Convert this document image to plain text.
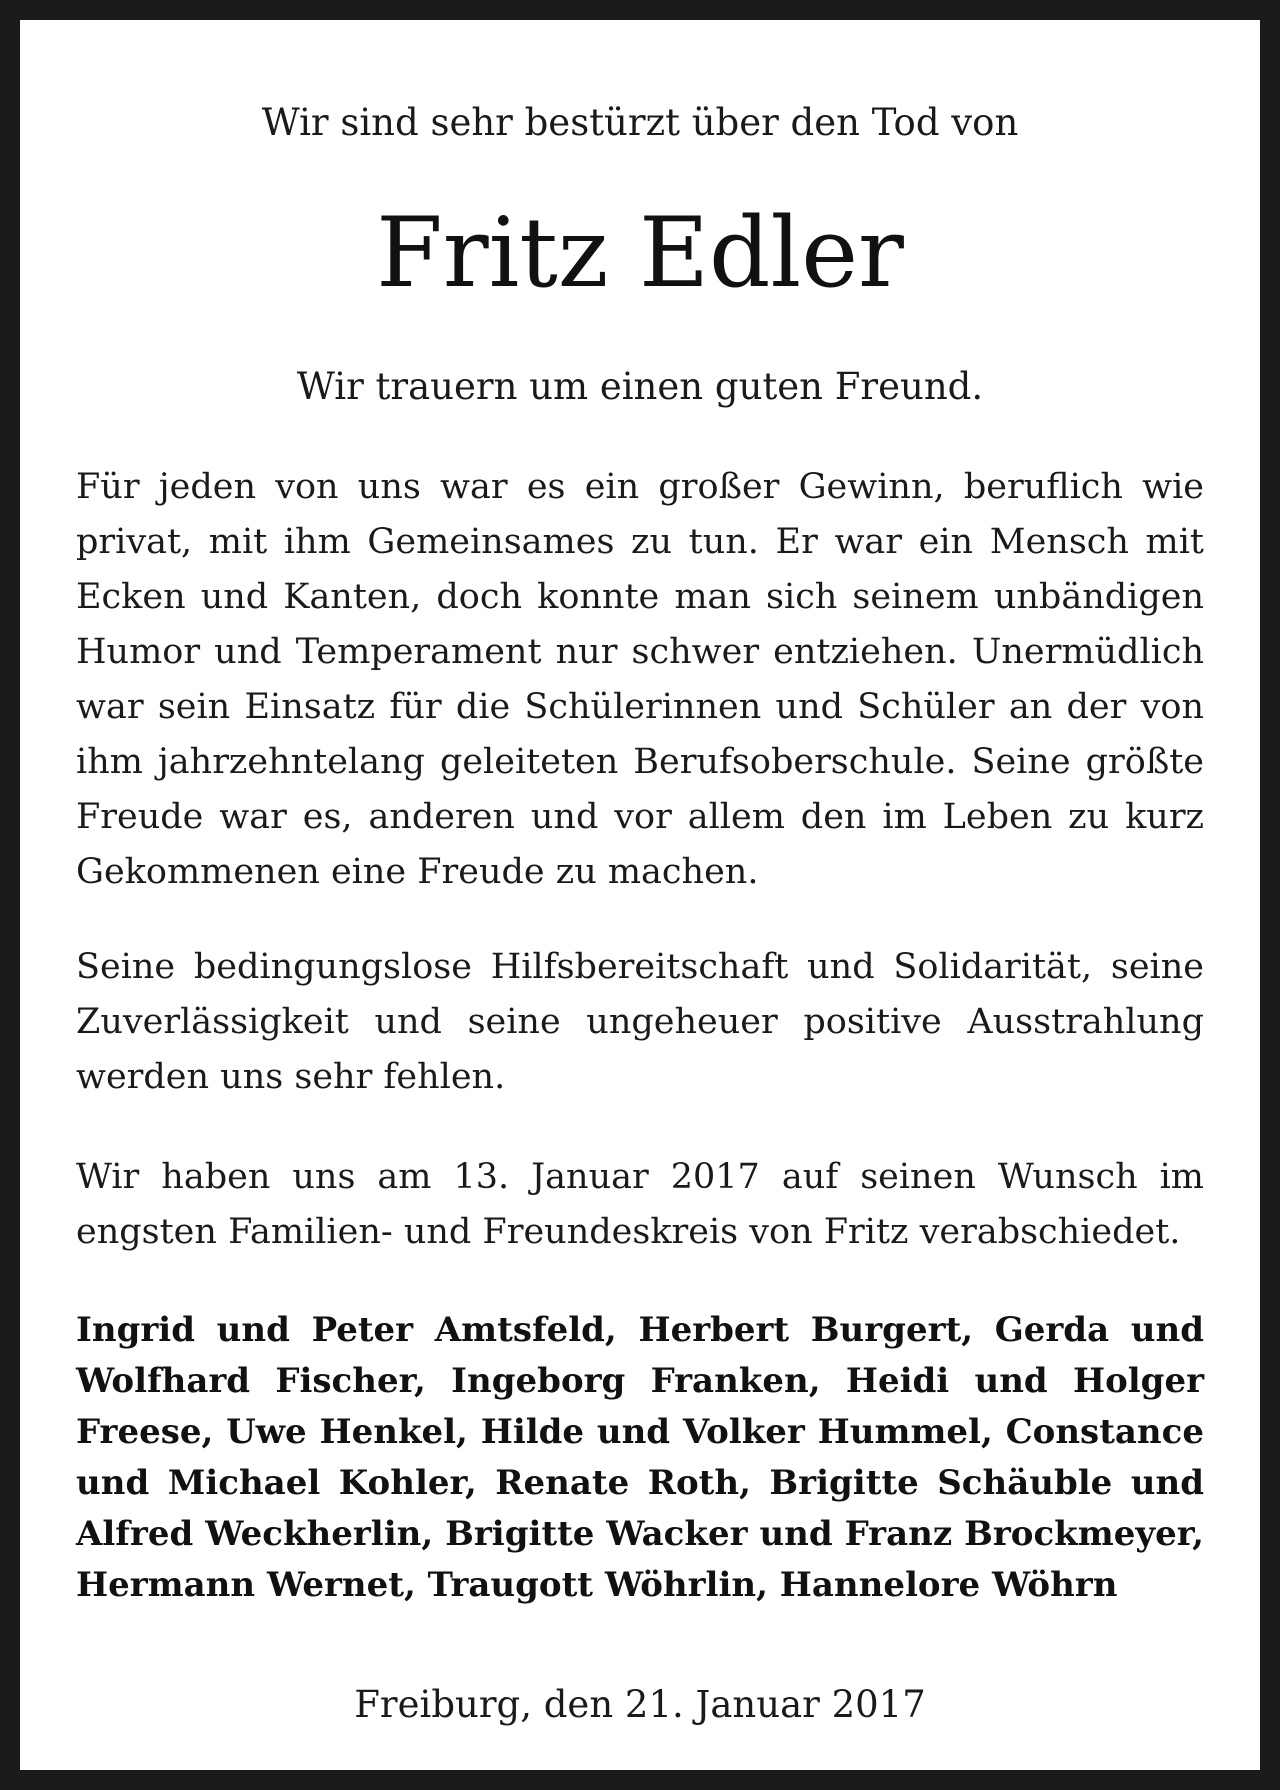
Wir sind sehr bestürzt über den Tod von

Fritz Edler

Wir trauern um einen guten Freund.

Für jeden von uns war es ein großer Gewinn, beruflich wie privat, mit ihm Gemeinsames zu tun. Er war ein Mensch mit Ecken und Kanten, doch konnte man sich seinem unbändigen Humor und Temperament nur schwer entziehen. Unermüdlich war sein Einsatz für die Schülerinnen und Schüler an der von ihm jahrzehntelang geleiteten Berufsoberschule. Seine größte Freude war es, anderen und vor allem den im Leben zu kurz Gekommenen eine Freude zu machen.

Seine bedingungslose Hilfsbereitschaft und Solidarität, seine Zuverlässigkeit und seine ungeheuer positive Ausstrahlung werden uns sehr fehlen.

Wir haben uns am 13. Januar 2017 auf seinen Wunsch im engsten Familien- und Freundeskreis von Fritz verabschiedet.

Ingrid und Peter Amtsfeld, Herbert Burgert, Gerda und Wolfhard Fischer, Ingeborg Franken, Heidi und Holger Freese, Uwe Henkel, Hilde und Volker Hummel, Constance und Michael Kohler, Renate Roth, Brigitte Schäuble und Alfred Weckherlin, Brigitte Wacker und Franz Brockmeyer, Hermann Wernet, Traugott Wöhrlin, Hannelore Wöhrn

Freiburg, den 21. Januar 2017
